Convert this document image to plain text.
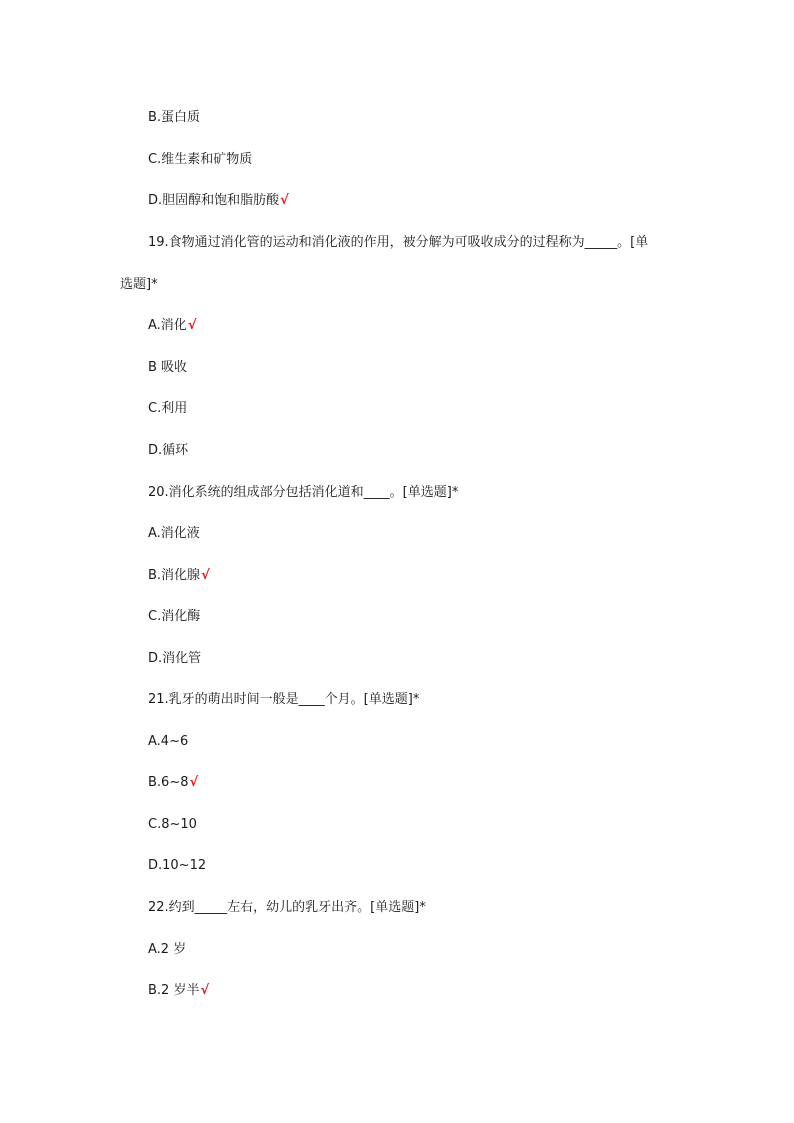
B.蛋白质
C.维生素和矿物质
D.胆固醇和饱和脂肪酸√
19.食物通过消化管的运动和消化液的作用，被分解为可吸收成分的过程称为_____。[单
选题]*
A.消化√
B 吸收
C.利用
D.循环
20.消化系统的组成部分包括消化道和____。[单选题]*
A.消化液
B.消化腺√
C.消化酶
D.消化管
21.乳牙的萌出时间一般是____个月。[单选题]*
A.4~6
B.6~8√
C.8~10
D.10~12
22.约到_____左右，幼儿的乳牙出齐。[单选题]*
A.2 岁
B.2 岁半√
